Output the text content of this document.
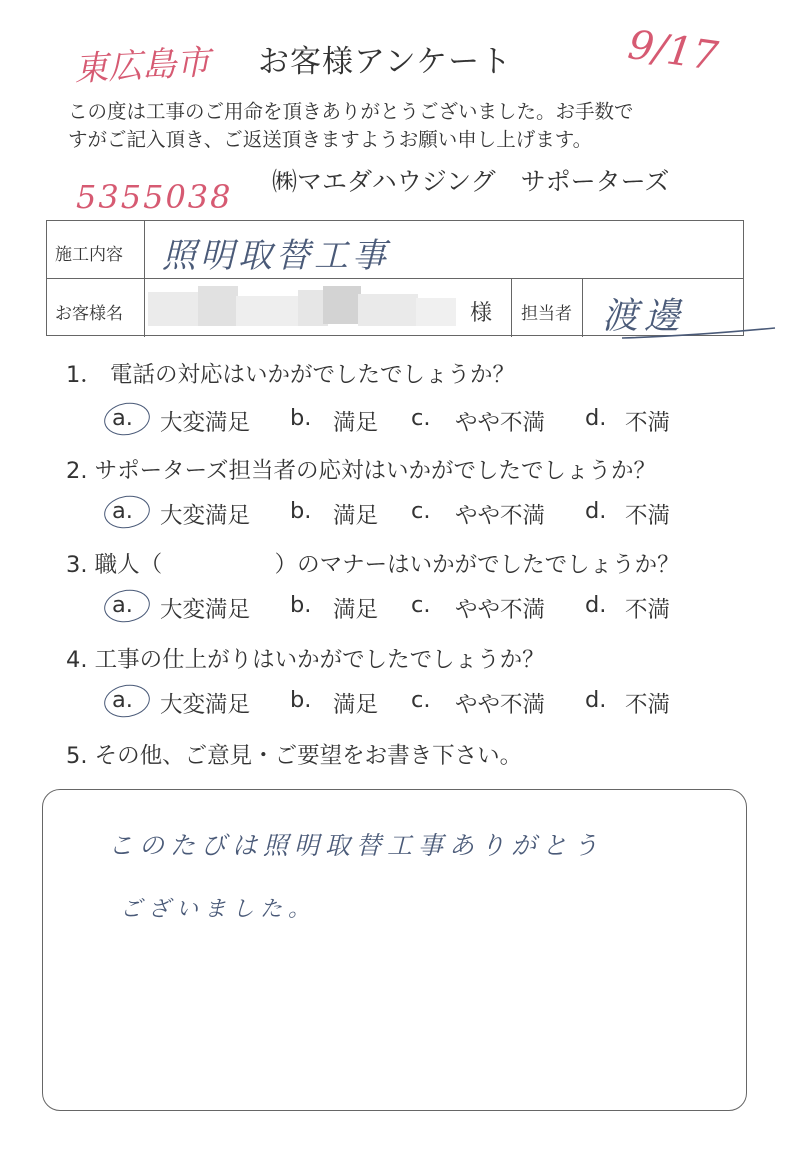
東広島市 お客様アンケート	9/17
この度は工事のご用命を頂きありがとうございました。お手数で
すがご記入頂き、ご返送頂きますようお願い申し上げます。
㈱マエダハウジング　サポーターズ
5355038
施工内容 照明取替工事
お客様名	様 担当者 渡邊
1． 電話の対応はいかがでしたでしょうか？
2. サポーターズ担当者の応対はいかがでしたでしょうか？
3. 職人（　　　　　）のマナーはいかがでしたでしょうか？
4. 工事の仕上がりはいかがでしたでしょうか？
5. その他、ご意見・ご要望をお書き下さい。
a. 大変満足 b. 満足 c. やや不満 d. 不満
a. 大変満足 b. 満足 c. やや不満 d. 不満
a. 大変満足 b. 満足 c. やや不満 d. 不満
a. 大変満足 b. 満足 c. やや不満 d. 不満
このたびは照明取替工事ありがとう
ございました。
